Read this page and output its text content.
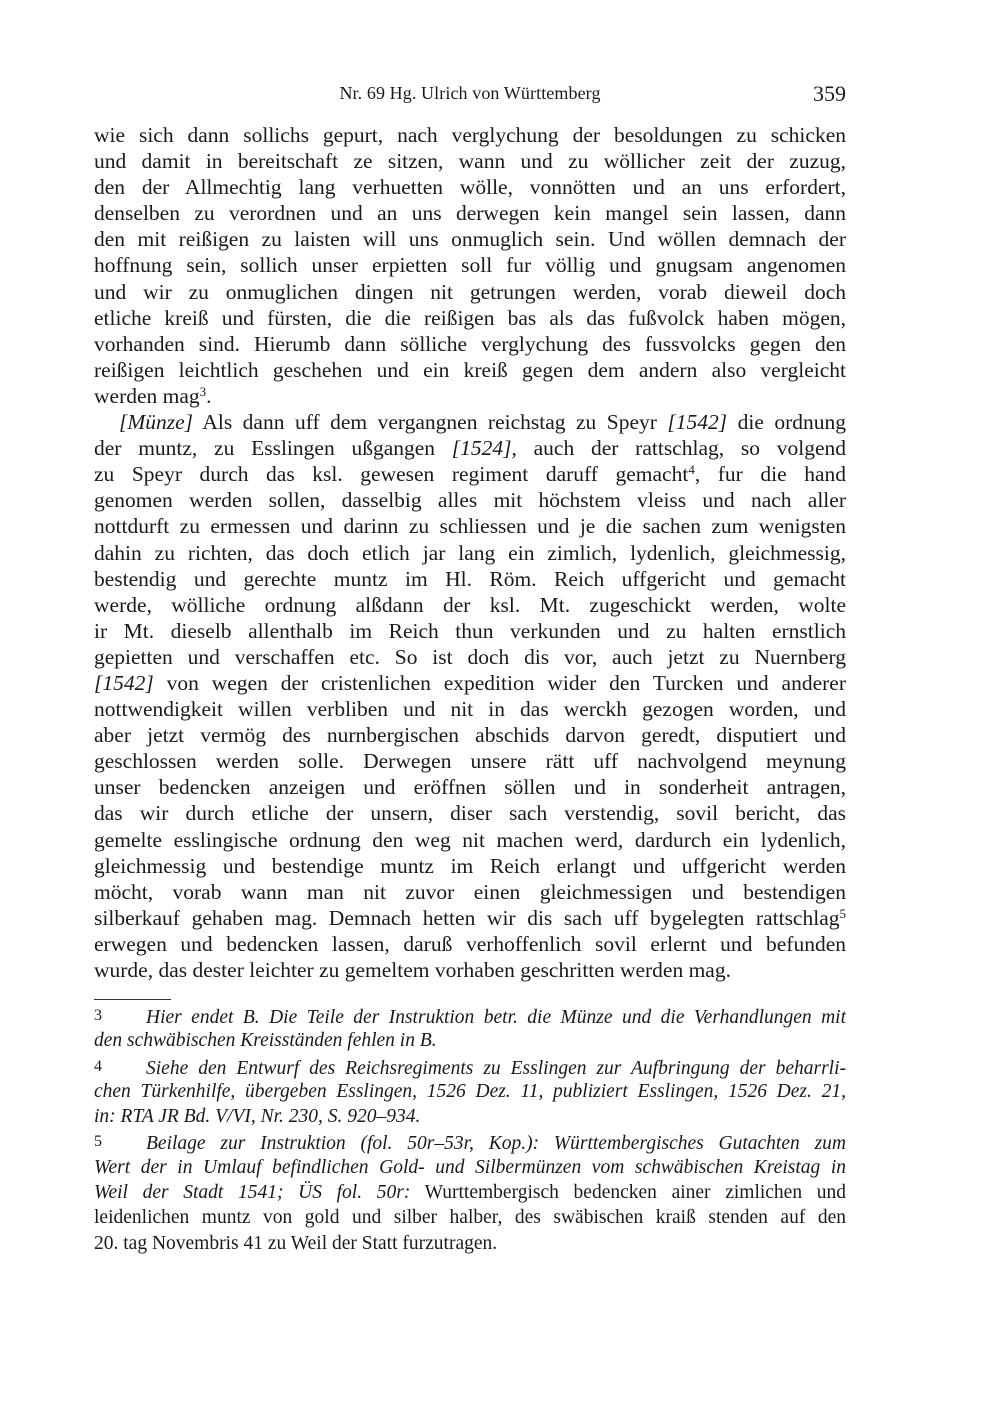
Nr. 69 Hg. Ulrich von Württemberg	359
wie sich dann sollichs gepurt, nach verglychung der besoldungen zu schicken
und damit in bereitschaft ze sitzen, wann und zu wöllicher zeit der zuzug,
den der Allmechtig lang verhuetten wölle, vonnötten und an uns erfordert,
denselben zu verordnen und an uns derwegen kein mangel sein lassen, dann
den mit reißigen zu laisten will uns onmuglich sein. Und wöllen demnach der
hoffnung sein, sollich unser erpietten soll fur völlig und gnugsam angenomen
und wir zu onmuglichen dingen nit getrungen werden, vorab dieweil doch
etliche kreiß und fürsten, die die reißigen bas als das fußvolck haben mögen,
vorhanden sind. Hierumb dann sölliche verglychung des fussvolcks gegen den
reißigen leichtlich geschehen und ein kreiß gegen dem andern also vergleicht
werden mag$^3$.
[Münze] Als dann uff dem vergangnen reichstag zu Speyr [1542] die ordnung
der muntz, zu Esslingen ußgangen [1524], auch der rattschlag, so volgend
zu Speyr durch das ksl. gewesen regiment daruff gemacht$^4$, fur die hand
genomen werden sollen, dasselbig alles mit höchstem vleiss und nach aller
nottdurft zu ermessen und darinn zu schliessen und je die sachen zum wenigsten
dahin zu richten, das doch etlich jar lang ein zimlich, lydenlich, gleichmessig,
bestendig und gerechte muntz im Hl. Röm. Reich uffgericht und gemacht
werde, wölliche ordnung alßdann der ksl. Mt. zugeschickt werden, wolte
ir Mt. dieselb allenthalb im Reich thun verkunden und zu halten ernstlich
gepietten und verschaffen etc. So ist doch dis vor, auch jetzt zu Nuernberg
[1542] von wegen der cristenlichen expedition wider den Turcken und anderer
nottwendigkeit willen verbliben und nit in das werckh gezogen worden, und
aber jetzt vermög des nurnbergischen abschids darvon geredt, disputiert und
geschlossen werden solle. Derwegen unsere rätt uff nachvolgend meynung
unser bedencken anzeigen und eröffnen söllen und in sonderheit antragen,
das wir durch etliche der unsern, diser sach verstendig, sovil bericht, das
gemelte esslingische ordnung den weg nit machen werd, dardurch ein lydenlich,
gleichmessig und bestendige muntz im Reich erlangt und uffgericht werden
möcht, vorab wann man nit zuvor einen gleichmessigen und bestendigen
silberkauf gehaben mag. Demnach hetten wir dis sach uff bygelegten rattschlag$^5$
erwegen und bedencken lassen, daruß verhoffenlich sovil erlernt und befunden
wurde, das dester leichter zu gemeltem vorhaben geschritten werden mag.
3 Hier endet B. Die Teile der Instruktion betr. die Münze und die Verhandlungen mit
den schwäbischen Kreisständen fehlen in B.
4 Siehe den Entwurf des Reichsregiments zu Esslingen zur Aufbringung der beharrli-
chen Türkenhilfe, übergeben Esslingen, 1526 Dez. 11, publiziert Esslingen, 1526 Dez. 21,
in: RTA JR Bd. V/VI, Nr. 230, S. 920–934.
5 Beilage zur Instruktion (fol. 50r–53r, Kop.): Württembergisches Gutachten zum
Wert der in Umlauf befindlichen Gold- und Silbermünzen vom schwäbischen Kreistag in
Weil der Stadt 1541; ÜS fol. 50r: Wurttembergisch bedencken ainer zimlichen und
leidenlichen muntz von gold und silber halber, des swäbischen kraiß stenden auf den
20. tag Novembris 41 zu Weil der Statt furzutragen.
